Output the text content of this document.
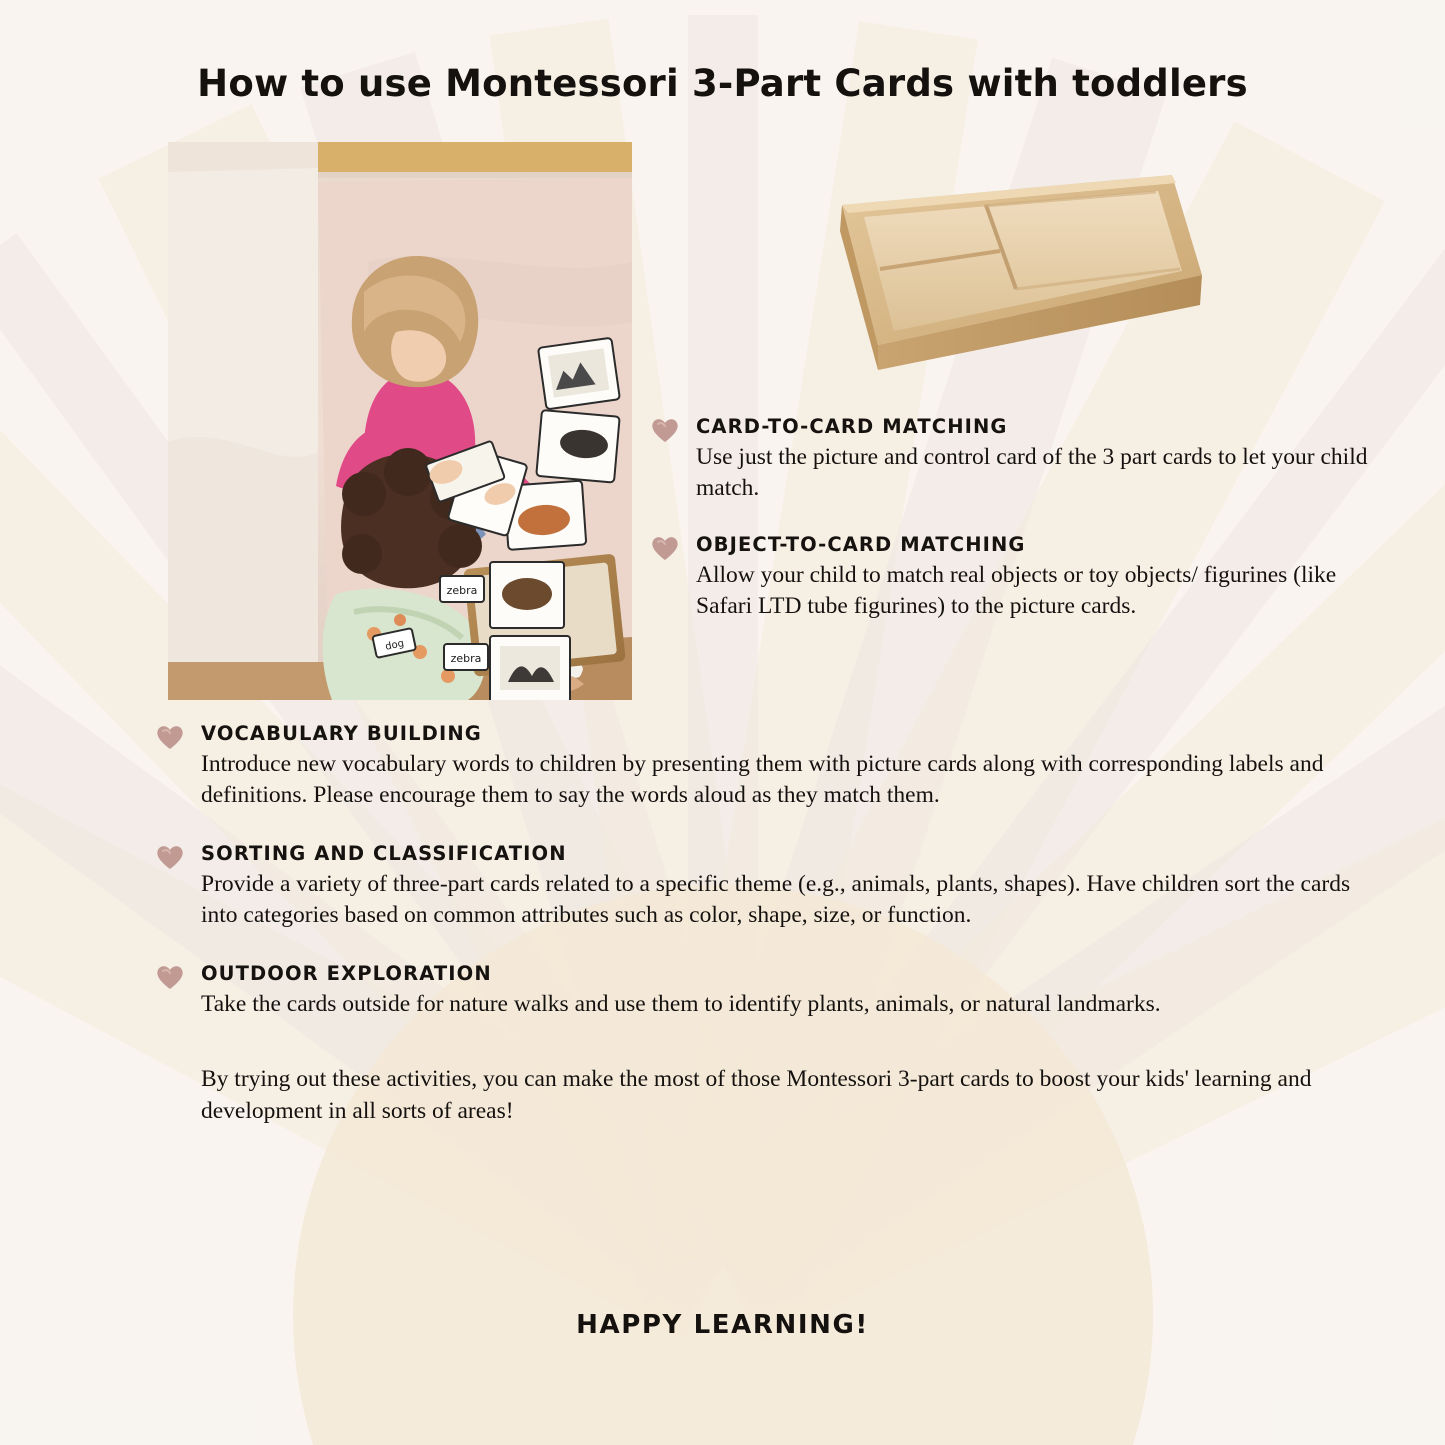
How to use Montessori 3-Part Cards with toddlers
zebra
zebra
dog
CARD-TO-CARD MATCHING

Use just the picture and control card of the 3 part cards to let your child match.

OBJECT-TO-CARD MATCHING

Allow your child to match real objects or toy objects/ figurines (like Safari LTD tube figurines) to the picture cards.

VOCABULARY BUILDING

Introduce new vocabulary words to children by presenting them with picture cards along with corresponding labels and definitions. Please encourage them to say the words aloud as they match them.

SORTING AND CLASSIFICATION

Provide a variety of three-part cards related to a specific theme (e.g., animals, plants, shapes). Have children sort the cards into categories based on common attributes such as color, shape, size, or function.

OUTDOOR EXPLORATION

Take the cards outside for nature walks and use them to identify plants, animals, or natural landmarks.

By trying out these activities, you can make the most of those Montessori 3-part cards to boost your kids' learning and development in all sorts of areas!

HAPPY LEARNING!
